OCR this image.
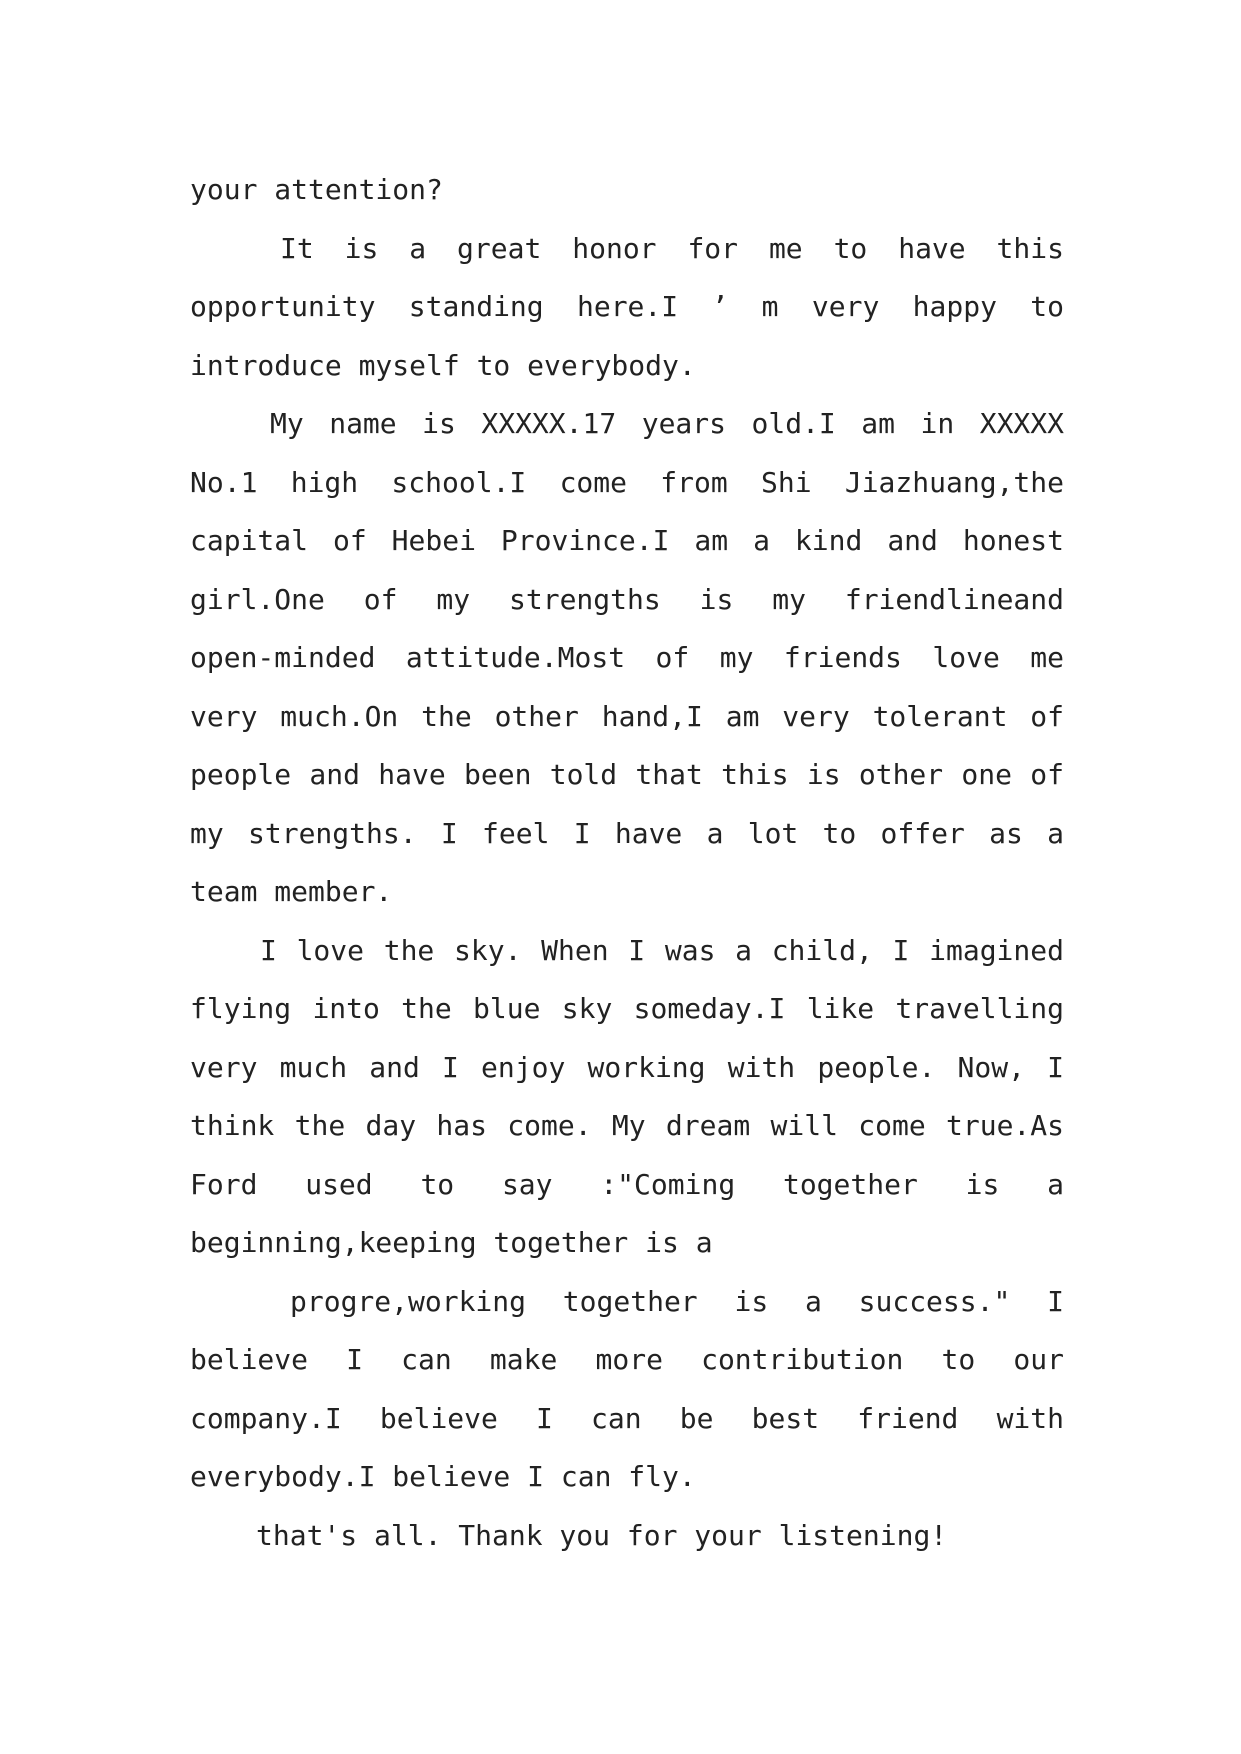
your attention?
It is a great honor for me to have this
opportunity standing here.I ’ m very happy to
introduce myself to everybody.
My name is XXXXX.17 years old.I am in XXXXX
No.1 high school.I come from Shi Jiazhuang,the
capital of Hebei Province.I am a kind and honest
girl.One of my strengths is my friendlineand
open-minded attitude.Most of my friends love me
very much.On the other hand,I am very tolerant of
people and have been told that this is other one of
my strengths. I feel I have a lot to offer as a
team member.
I love the sky. When I was a child, I imagined
flying into the blue sky someday.I like travelling
very much and I enjoy working with people. Now, I
think the day has come. My dream will come true.As
Ford used to say :"Coming together is a
beginning,keeping together is a
progre,working together is a success." I
believe I can make more contribution to our
company.I believe I can be best friend with
everybody.I believe I can fly.
that's all. Thank you for your listening!
